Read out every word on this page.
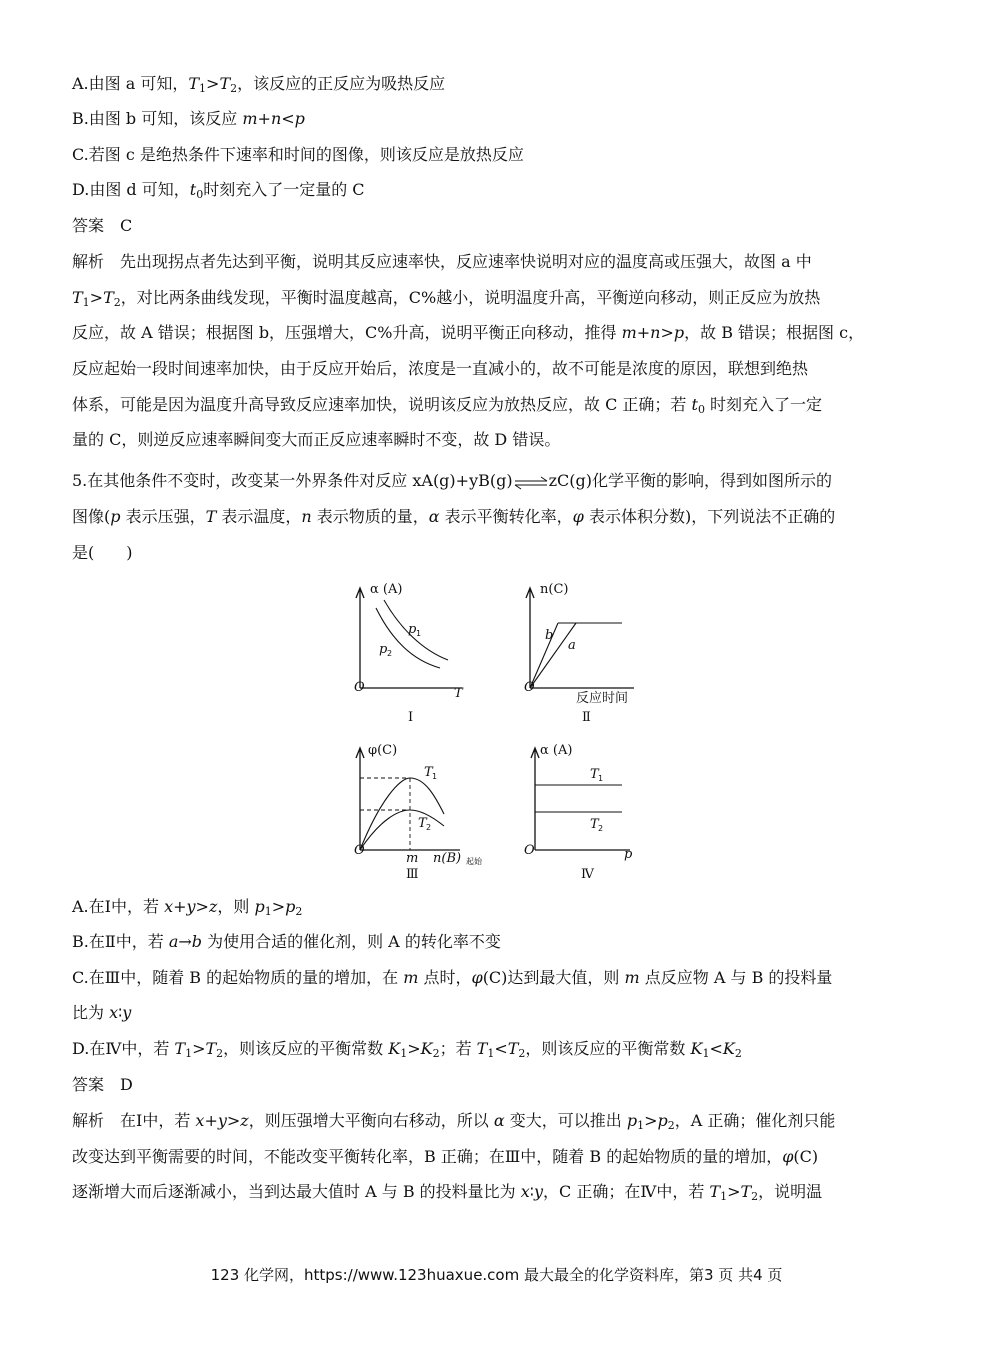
A.由图 a 可知，$T_1>T_2$，该反应的正反应为吸热反应
B.由图 b 可知，该反应 m+n<p
C.若图 c 是绝热条件下速率和时间的图像，则该反应是放热反应
D.由图 d 可知，$t_0$时刻充入了一定量的 C
答案　C
解析　先出现拐点者先达到平衡，说明其反应速率快，反应速率快说明对应的温度高或压强大，故图 a 中
$T_1>T_2$，对比两条曲线发现，平衡时温度越高，C%越小，说明温度升高，平衡逆向移动，则正反应为放热
反应，故 A 错误；根据图 b，压强增大，C%升高，说明平衡正向移动，推得 m+n>p，故 B 错误；根据图 c，
反应起始一段时间速率加快，由于反应开始后，浓度是一直减小的，故不可能是浓度的原因，联想到绝热
体系，可能是因为温度升高导致反应速率加快，说明该反应为放热反应，故 C 正确；若 $t_0$ 时刻充入了一定
量的 C，则逆反应速率瞬间变大而正反应速率瞬时不变，故 D 错误。
5.在其他条件不变时，改变某一外界条件对反应 xA(g)+yB(g)⇌zC(g)化学平衡的影响，得到如图所示的
图像(p 表示压强，T 表示温度，n 表示物质的量，α 表示平衡转化率，φ 表示体积分数)，下列说法不正确的
是(　　)
α (A)
T
O
p 1
p 2
Ⅰ
n(C)
反应时间
O
b
a
Ⅱ
φ(C)
n(B) 起始
O
m
T 1
T 2
Ⅲ
α (A)
p
O
T 1
T 2
Ⅳ
A.在Ⅰ中，若 x+y>z，则 $p_1>p_2$
B.在Ⅱ中，若 a→b 为使用合适的催化剂，则 A 的转化率不变
C.在Ⅲ中，随着 B 的起始物质的量的增加，在 m 点时，φ(C)达到最大值，则 m 点反应物 A 与 B 的投料量
比为 x∶y
D.在Ⅳ中，若 $T_1>T_2$，则该反应的平衡常数 $K_1>K_2$；若 $T_1<T_2$，则该反应的平衡常数 $K_1<K_2$
答案　D
解析　在Ⅰ中，若 x+y>z，则压强增大平衡向右移动，所以 α 变大，可以推出 $p_1>p_2$，A 正确；催化剂只能
改变达到平衡需要的时间，不能改变平衡转化率，B 正确；在Ⅲ中，随着 B 的起始物质的量的增加，φ(C)
逐渐增大而后逐渐减小，当到达最大值时 A 与 B 的投料量比为 x∶y，C 正确；在Ⅳ中，若 $T_1>T_2$，说明温
123 化学网，https://www.123huaxue.com 最大最全的化学资料库，第3 页 共4 页
